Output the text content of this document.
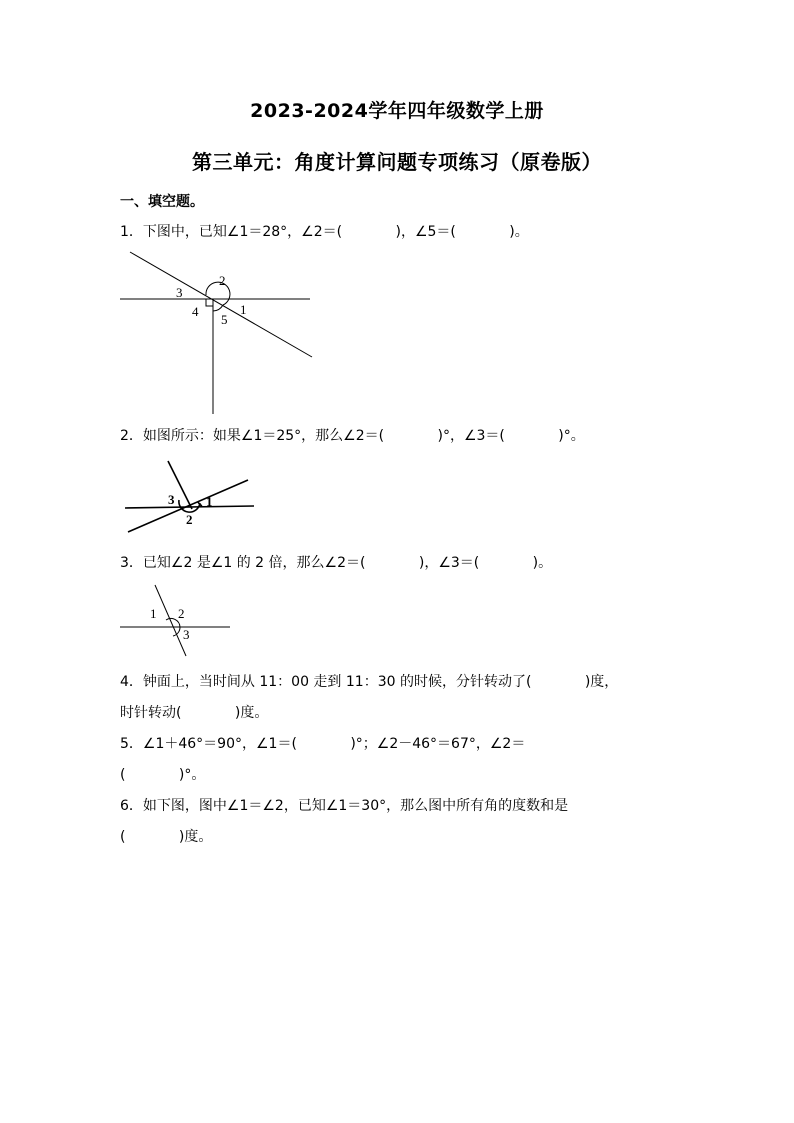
2023-2024学年四年级数学上册
第三单元：角度计算问题专项练习（原卷版）
一、填空题。
1．下图中，已知∠1＝28°，∠2＝(            )，∠5＝(            )。
1
2
3
4
5
2．如图所示：如果∠1＝25°，那么∠2＝(            )°，∠3＝(            )°。
1
2
3
3．已知∠2 是∠1 的 2 倍，那么∠2＝(            )，∠3＝(            )。
1 2
3
4．钟面上，当时间从 11：00 走到 11：30 的时候，分针转动了(            )度，
时针转动(            )度。
5．∠1＋46°＝90°，∠1＝(            )°；∠2－46°＝67°，∠2＝
(            )°。
6．如下图，图中∠1＝∠2，已知∠1＝30°，那么图中所有角的度数和是
(            )度。
